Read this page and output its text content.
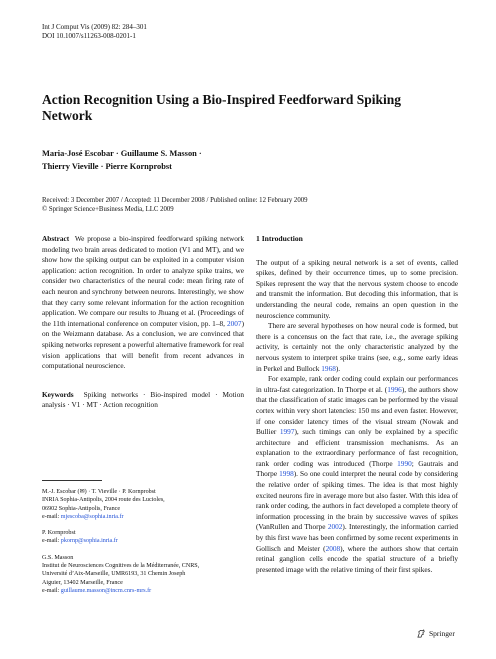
Int J Comput Vis (2009) 82: 284–301
DOI 10.1007/s11263-008-0201-1
Action Recognition Using a Bio-Inspired Feedforward Spiking
Network
Maria-José Escobar · Guillaume S. Masson ·
Thierry Vieville · Pierre Kornprobst
Received: 3 December 2007 / Accepted: 11 December 2008 / Published online: 12 February 2009
© Springer Science+Business Media, LLC 2009

Abstract We propose a bio-inspired feedforward spiking network modeling two brain areas dedicated to motion (V1 and MT), and we show how the spiking output can be exploited in a computer vision application: action recognition. In order to analyze spike trains, we consider two characteristics of the neural code: mean firing rate of each neuron and synchrony between neurons. Interestingly, we show that they carry some relevant information for the action recognition application. We compare our results to Jhuang et al. (Proceedings of the 11th international conference on computer vision, pp. 1–8, 2007) on the Weizmann database. As a conclusion, we are convinced that spiking networks represent a powerful alternative framework for real vision applications that will benefit from recent advances in computational neuroscience.

Keywords Spiking networks · Bio-inspired model · Motion analysis · V1 · MT · Action recognition

M.-J. Escobar (✉) · T. Vieville · P. Kornprobst
INRIA Sophia-Antipolis, 2004 route des Lucioles,
06902 Sophia-Antipolis, France
e-mail: mjescoba@sophia.inria.fr
P. Kornprobst
e-mail: pkornp@sophia.inria.fr
G.S. Masson
Institut de Neurosciences Cognitives de la Méditerranée, CNRS,
Université d’Aix-Marseille, UMR6193, 31 Chemin Joseph
Aiguier, 13402 Marseille, France
e-mail: guillaume.masson@incm.cnrs-mrs.fr
1 Introduction

The output of a spiking neural network is a set of events, called spikes, defined by their occurrence times, up to some precision. Spikes represent the way that the nervous system choose to encode and transmit the information. But decoding this information, that is understanding the neural code, remains an open question in the neuroscience community.

There are several hypotheses on how neural code is formed, but there is a concensus on the fact that rate, i.e., the average spiking activity, is certainly not the only characteristic analyzed by the nervous system to interpret spike trains (see, e.g., some early ideas in Perkel and Bullock 1968).

For example, rank order coding could explain our performances in ultra-fast categorization. In Thorpe et al. (1996), the authors show that the classification of static images can be performed by the visual cortex within very short latencies: 150 ms and even faster. However, if one consider latency times of the visual stream (Nowak and Bullier 1997), such timings can only be explained by a specific architecture and efficient transmission mechanisms. As an explanation to the extraordinary performance of fast recognition, rank order coding was introduced (Thorpe 1990; Gautrais and Thorpe 1998). So one could interpret the neural code by considering the relative order of spiking times. The idea is that most highly excited neurons fire in average more but also faster. With this idea of rank order coding, the authors in fact developed a complete theory of information processing in the brain by successive waves of spikes (VanRullen and Thorpe 2002). Interestingly, the information carried by this first wave has been confirmed by some recent experiments in Gollisch and Meister (2008), where the authors show that certain retinal ganglion cells encode the spatial structure of a briefly presented image with the relative timing of their first spikes.

Springer
